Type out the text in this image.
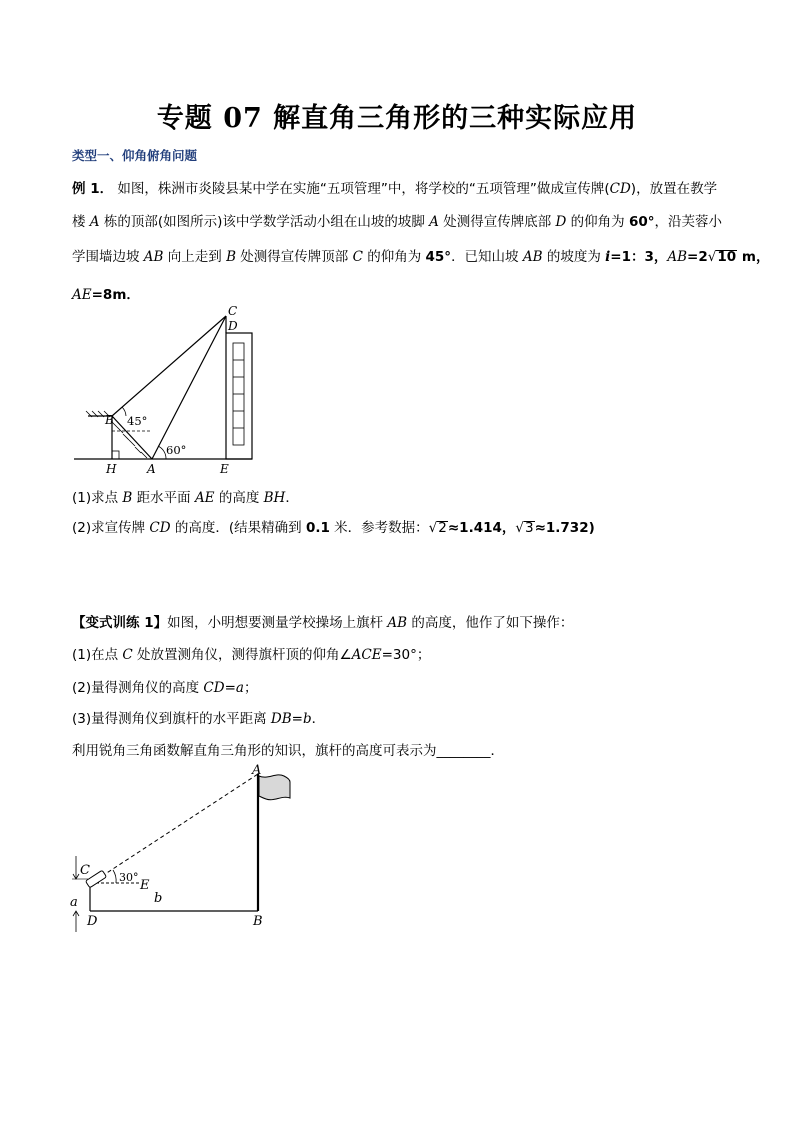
专题 07 解直角三角形的三种实际应用
类型一、仰角俯角问题
例 1． 如图，株洲市炎陵县某中学在实施“五项管理”中，将学校的“五项管理”做成宣传牌(CD)，放置在教学
楼 A 栋的顶部(如图所示)该中学数学活动小组在山坡的坡脚 A 处测得宣传牌底部 D 的仰角为 60°，沿芙蓉小
学围墙边坡 AB 向上走到 B 处测得宣传牌顶部 C 的仰角为 45°．已知山坡 AB 的坡度为 i=1：3，AB=2√10 m，
AE=8m．
C
D
B
H	A	E
45°
60°
(1)求点 B 距水平面 AE 的高度 BH．
(2)求宣传牌 CD 的高度．(结果精确到 0.1 米．参考数据：√2≈1.414，√3≈1.732)
【变式训练 1】如图，小明想要测量学校操场上旗杆 AB 的高度，他作了如下操作：
(1)在点 C 处放置测角仪，测得旗杆顶的仰角∠ACE=30°；
(2)量得测角仪的高度 CD=a；
(3)量得测角仪到旗杆的水平距离 DB=b．
利用锐角三角函数解直角三角形的知识，旗杆的高度可表示为________．
A
C
E
a	b
D	B
30°
